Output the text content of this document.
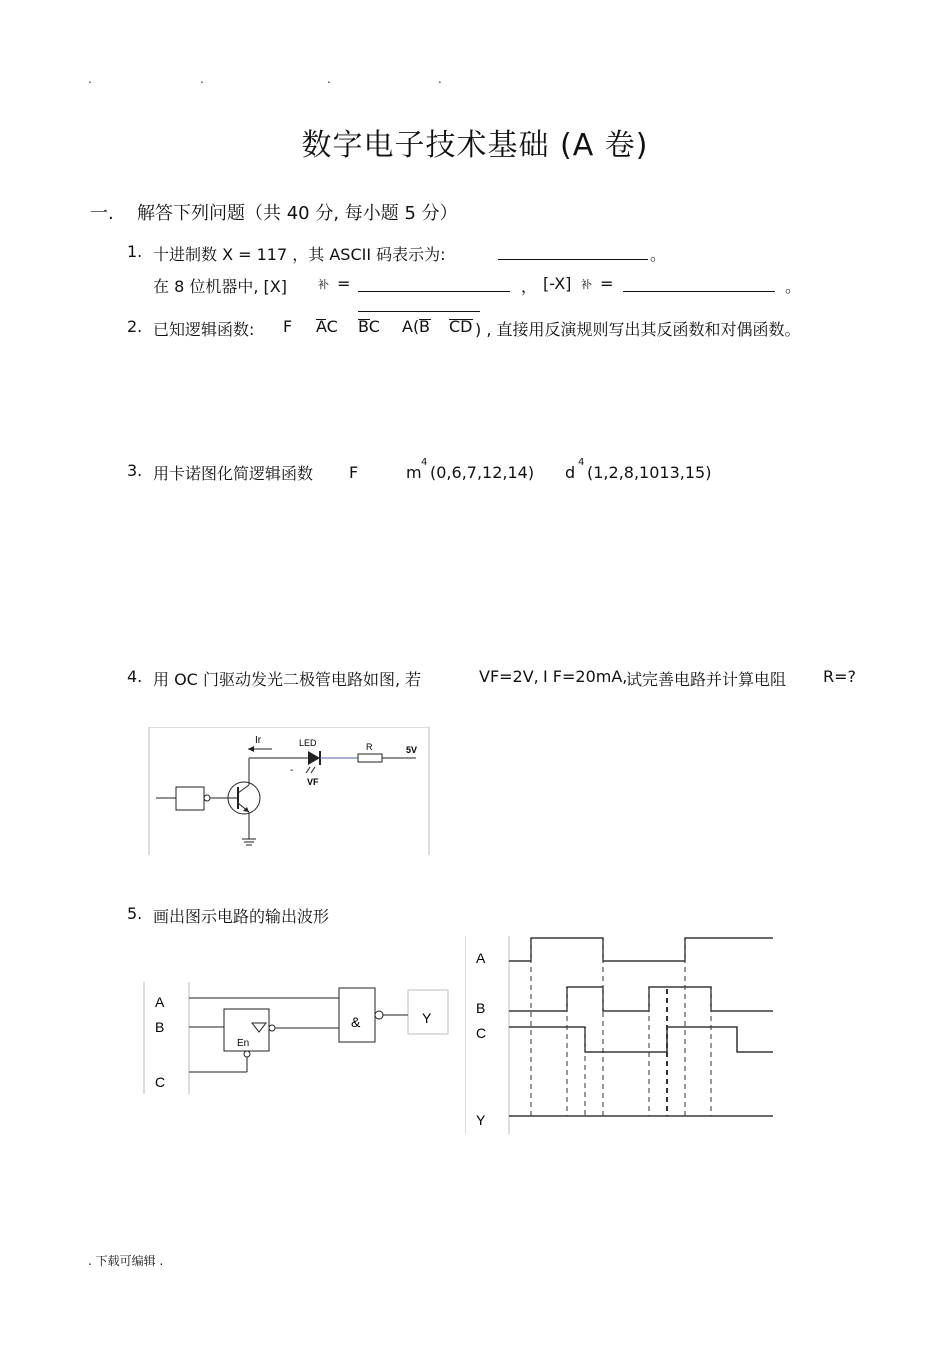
.	.	.	.
数字电子技术基础 (A 卷)
一. 解答下列问题（共 40 分, 每小题 5 分）
1. 十进制数 X = 117 ，其 ASCII 码表示为:	。
在 8 位机器中, [X]	补 =	， [-X] 补 =	。
2. 已知逻辑函数: F AC BC A( B CD ) , 直接用反演规则写出其反函数和对偶函数。
3. 用卡诺图化简逻辑函数 F	m
4
(0,6,7,12,14) d
4
(1,2,8,1013,15)
4. 用 OC 门驱动发光二极管电路如图, 若	VF=2V, I F=20mA,
试完善电路并计算电阻 R=?
Ir	LED
-
VF
R	5V
5. 画出图示电路的输出波形
A
B
C
En
&	Y
A
B
C
Y
. 下载可编辑 .
